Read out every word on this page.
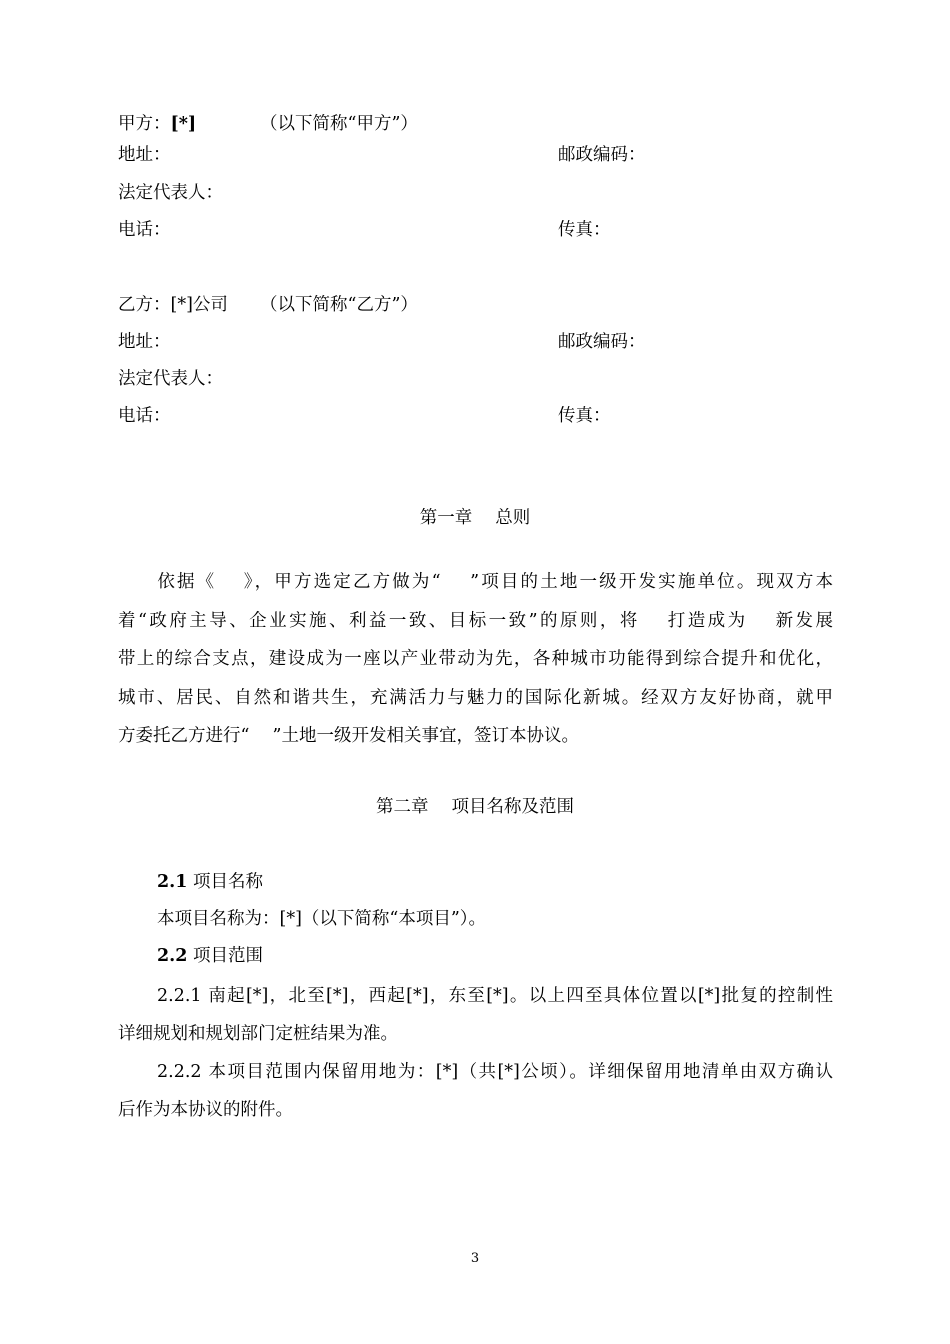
甲方：[*]	（以下简称“甲方”）
地址：	邮政编码：
法定代表人：
电话：	传真：
乙方：[*]公司 （以下简称“乙方”）
地址：	邮政编码：
法定代表人：
电话：	传真：
第一章　 总则
　　依据《　 》，甲方选定乙方做为“　 ”项目的土地一级开发实施单位。现双方本
着“政府主导、企业实施、利益一致、目标一致”的原则，将　 打造成为　 新发展
带上的综合支点，建设成为一座以产业带动为先，各种城市功能得到综合提升和优化，
城市、居民、自然和谐共生，充满活力与魅力的国际化新城。经双方友好协商，就甲
方委托乙方进行“　 ”土地一级开发相关事宜，签订本协议。
第二章　 项目名称及范围
2.1 项目名称
本项目名称为：[*]（以下简称“本项目”）。
2.2 项目范围
2.2.1 南起[*]，北至[*]，西起[*]，东至[*]。以上四至具体位置以[*]批复的控制性
详细规划和规划部门定桩结果为准。
2.2.2 本项目范围内保留用地为：[*]（共[*]公顷）。详细保留用地清单由双方确认
后作为本协议的附件。
3
